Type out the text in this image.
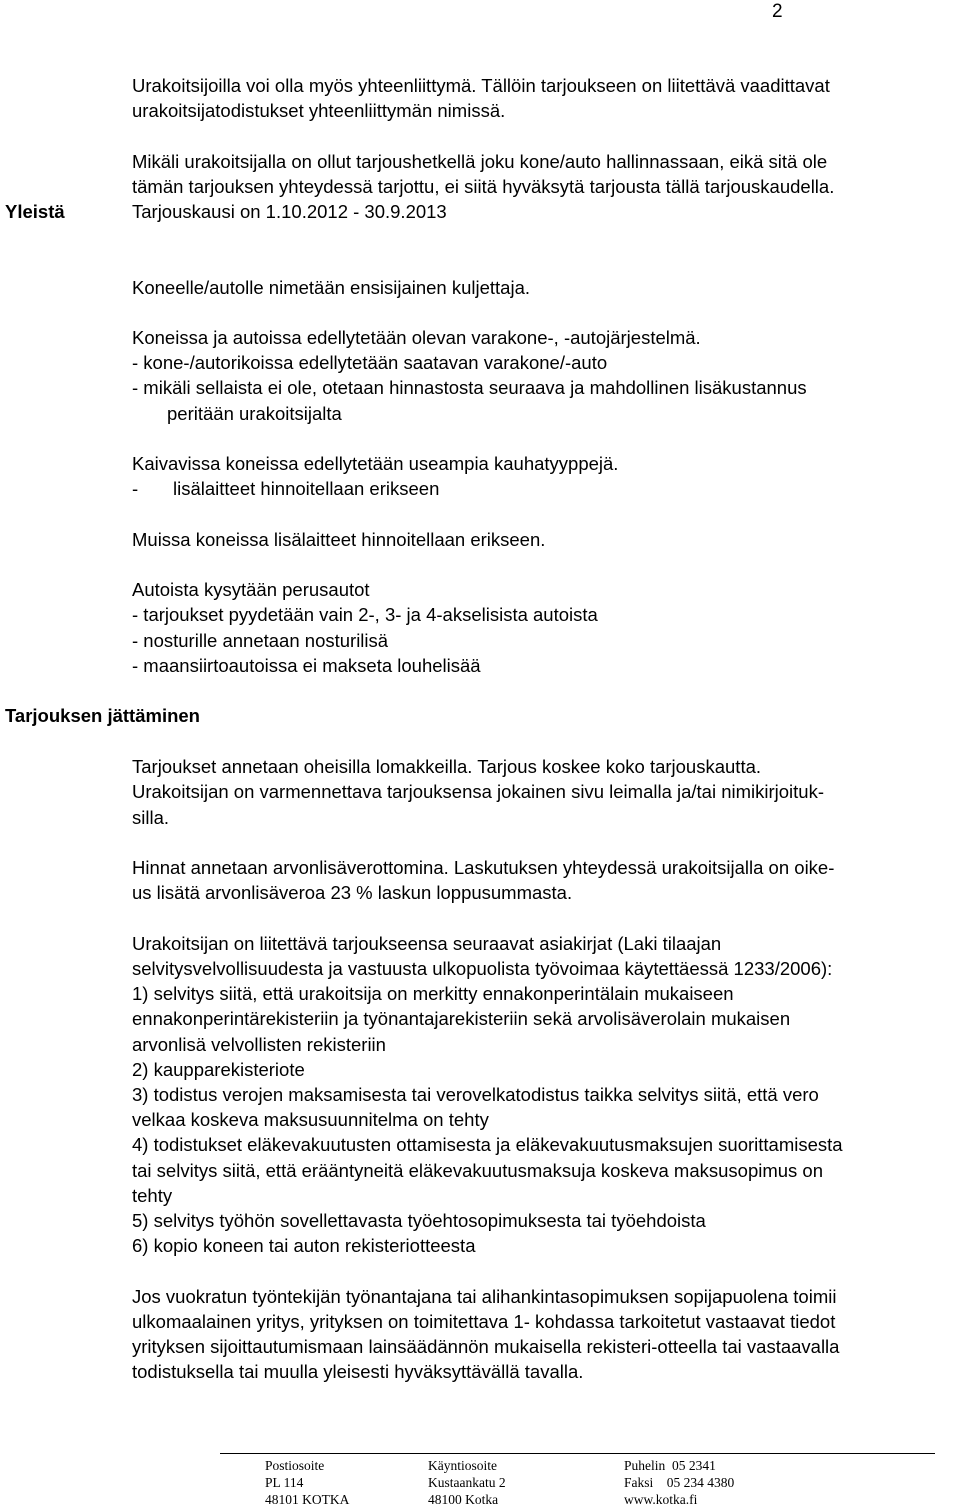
2
Urakoitsijoilla voi olla myös yhteenliittymä. Tällöin tarjoukseen on liitettävä vaadittavat
urakoitsijatodistukset yhteenliittymän nimissä.
Mikäli urakoitsijalla on ollut tarjoushetkellä joku kone/auto hallinnassaan, eikä sitä ole
tämän tarjouksen yhteydessä tarjottu, ei siitä hyväksytä tarjousta tällä tarjouskaudella.
Yleistä	Tarjouskausi on 1.10.2012 - 30.9.2013
Koneelle/autolle nimetään ensisijainen kuljettaja.
Koneissa ja autoissa edellytetään olevan varakone-, -autojärjestelmä.
- kone-/autorikoissa edellytetään saatavan varakone/-auto
- mikäli sellaista ei ole, otetaan hinnastosta seuraava ja mahdollinen lisäkustannus
peritään urakoitsijalta
Kaivavissa koneissa edellytetään useampia kauhatyyppejä.
- lisälaitteet hinnoitellaan erikseen
Muissa koneissa lisälaitteet hinnoitellaan erikseen.
Autoista kysytään perusautot
- tarjoukset pyydetään vain 2-, 3- ja 4-akselisista autoista
- nosturille annetaan nosturilisä
- maansiirtoautoissa ei makseta louhelisää
Tarjouksen jättäminen
Tarjoukset annetaan oheisilla lomakkeilla. Tarjous koskee koko tarjouskautta.
Urakoitsijan on varmennettava tarjouksensa jokainen sivu leimalla ja/tai nimikirjoituk-
silla.
Hinnat annetaan arvonlisäverottomina. Laskutuksen yhteydessä urakoitsijalla on oike-
us lisätä arvonlisäveroa 23 % laskun loppusummasta.
Urakoitsijan on liitettävä tarjoukseensa seuraavat asiakirjat (Laki tilaajan
selvitysvelvollisuudesta ja vastuusta ulkopuolista työvoimaa käytettäessä 1233/2006):
1) selvitys siitä, että urakoitsija on merkitty ennakonperintälain mukaiseen
ennakonperintärekisteriin ja työnantajarekisteriin sekä arvolisäverolain mukaisen
arvonlisä velvollisten rekisteriin
2) kaupparekisteriote
3) todistus verojen maksamisesta tai verovelkatodistus taikka selvitys siitä, että vero
velkaa koskeva maksusuunnitelma on tehty
4) todistukset eläkevakuutusten ottamisesta ja eläkevakuutusmaksujen suorittamisesta
tai selvitys siitä, että erääntyneitä eläkevakuutusmaksuja koskeva maksusopimus on
tehty
5) selvitys työhön sovellettavasta työehtosopimuksesta tai työehdoista
6) kopio koneen tai auton rekisteriotteesta
Jos vuokratun työntekijän työnantajana tai alihankintasopimuksen sopijapuolena toimii
ulkomaalainen yritys, yrityksen on toimitettava 1- kohdassa tarkoitetut vastaavat tiedot
yrityksen sijoittautumismaan lainsäädännön mukaisella rekisteri-otteella tai vastaavalla
todistuksella tai muulla yleisesti hyväksyttävällä tavalla.
Postiosoite
PL 114
48101 KOTKA
Käyntiosoite
Kustaankatu 2
48100 Kotka
Puhelin  05 2341
Faksi    05 234 4380
www.kotka.fi
